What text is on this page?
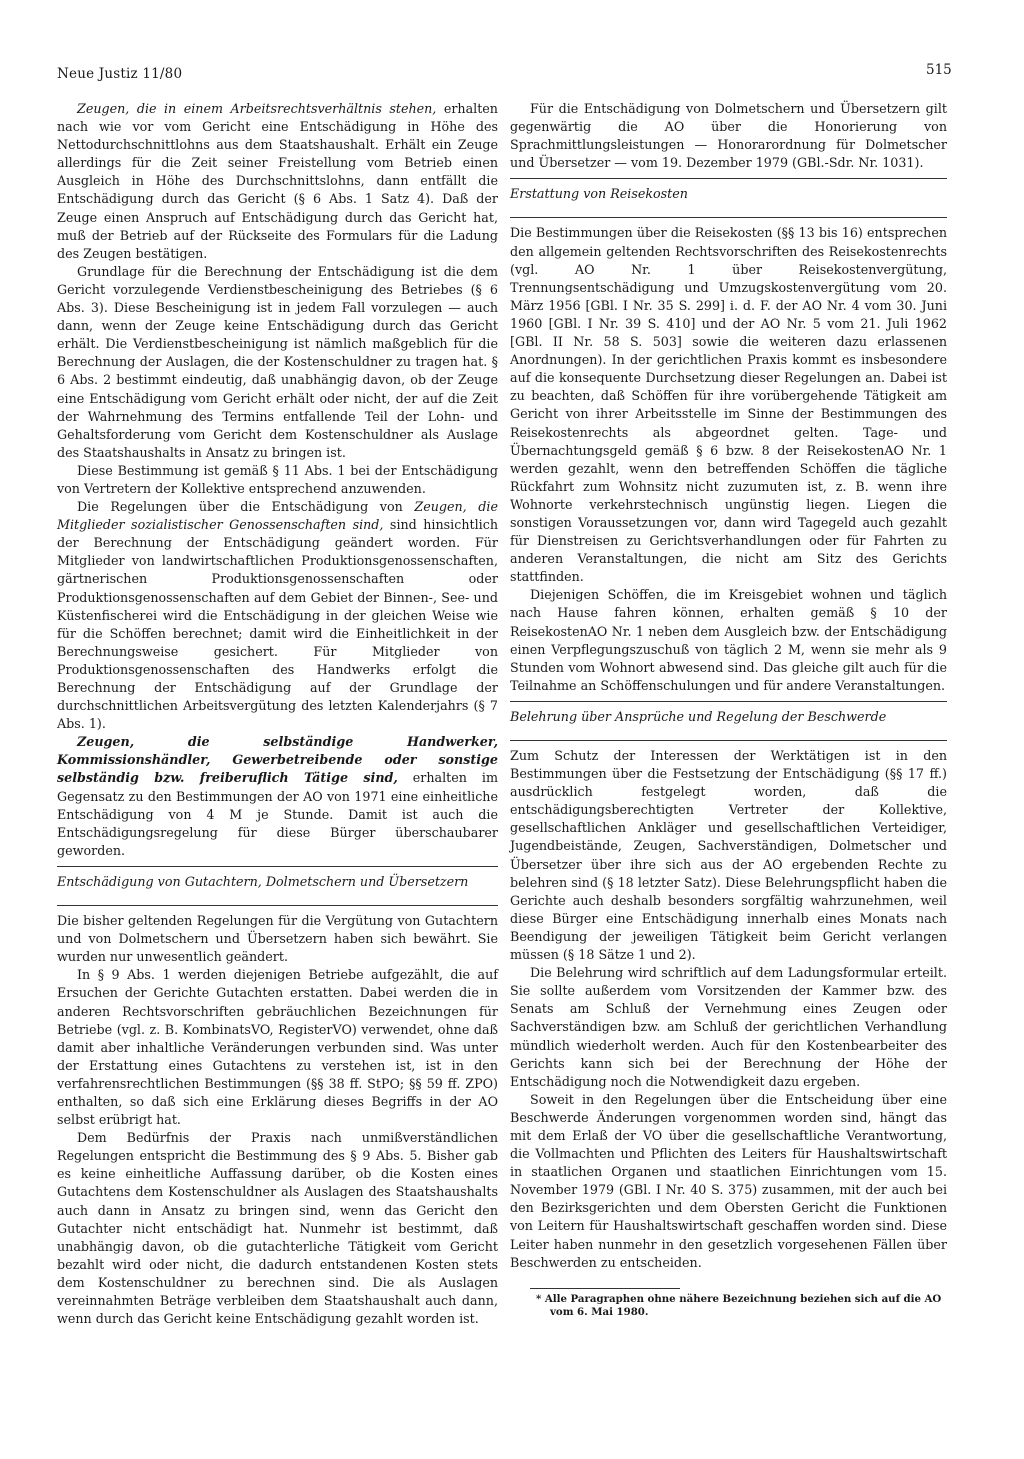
Neue Justiz 11/80	515

Zeugen, die in einem Arbeitsrechtsverhältnis stehen, erhalten nach wie vor vom Gericht eine Entschädigung in Höhe des Nettodurchschnittlohns aus dem Staatshaushalt. Erhält ein Zeuge allerdings für die Zeit seiner Freistellung vom Betrieb einen Ausgleich in Höhe des Durchschnittslohns, dann entfällt die Entschädigung durch das Gericht (§ 6 Abs. 1 Satz 4). Daß der Zeuge einen Anspruch auf Entschädigung durch das Gericht hat, muß der Betrieb auf der Rückseite des Formulars für die Ladung des Zeugen bestätigen.

Grundlage für die Berechnung der Entschädigung ist die dem Gericht vorzulegende Verdienstbescheinigung des Betriebes (§ 6 Abs. 3). Diese Bescheinigung ist in jedem Fall vorzulegen — auch dann, wenn der Zeuge keine Entschädigung durch das Gericht erhält. Die Verdienstbescheinigung ist nämlich maßgeblich für die Berechnung der Auslagen, die der Kostenschuldner zu tragen hat. § 6 Abs. 2 bestimmt eindeutig, daß unabhängig davon, ob der Zeuge eine Entschädigung vom Gericht erhält oder nicht, der auf die Zeit der Wahrnehmung des Termins entfallende Teil der Lohn- und Gehaltsforderung vom Gericht dem Kostenschuldner als Auslage des Staatshaushalts in Ansatz zu bringen ist.

Diese Bestimmung ist gemäß § 11 Abs. 1 bei der Entschädigung von Vertretern der Kollektive entsprechend anzuwenden.

Die Regelungen über die Entschädigung von Zeugen, die Mitglieder sozialistischer Genossenschaften sind, sind hinsichtlich der Berechnung der Entschädigung geändert worden. Für Mitglieder von landwirtschaftlichen Produktionsgenossenschaften, gärtnerischen Produktionsgenossenschaften oder Produktionsgenossenschaften auf dem Gebiet der Binnen-, See- und Küstenfischerei wird die Entschädigung in der gleichen Weise wie für die Schöffen berechnet; damit wird die Einheitlichkeit in der Berechnungsweise gesichert. Für Mitglieder von Produktionsgenossenschaften des Handwerks erfolgt die Berechnung der Entschädigung auf der Grundlage der durchschnittlichen Arbeitsvergütung des letzten Kalenderjahrs (§ 7 Abs. 1).

Zeugen, die selbständige Handwerker, Kommissionshändler, Gewerbetreibende oder sonstige selbständig bzw. freiberuflich Tätige sind, erhalten im Gegensatz zu den Bestimmungen der AO von 1971 eine einheitliche Entschädigung von 4 M je Stunde. Damit ist auch die Entschädigungsregelung für diese Bürger überschaubarer geworden.

Entschädigung von Gutachtern, Dolmetschern und Übersetzern

Die bisher geltenden Regelungen für die Vergütung von Gutachtern und von Dolmetschern und Übersetzern haben sich bewährt. Sie wurden nur unwesentlich geändert.

In § 9 Abs. 1 werden diejenigen Betriebe aufgezählt, die auf Ersuchen der Gerichte Gutachten erstatten. Dabei werden die in anderen Rechtsvorschriften gebräuchlichen Bezeichnungen für Betriebe (vgl. z. B. KombinatsVO, RegisterVO) verwendet, ohne daß damit aber inhaltliche Veränderungen verbunden sind. Was unter der Erstattung eines Gutachtens zu verstehen ist, ist in den verfahrensrechtlichen Bestimmungen (§§ 38 ff. StPO; §§ 59 ff. ZPO) enthalten, so daß sich eine Erklärung dieses Begriffs in der AO selbst erübrigt hat.

Dem Bedürfnis der Praxis nach unmißverständlichen Regelungen entspricht die Bestimmung des § 9 Abs. 5. Bisher gab es keine einheitliche Auffassung darüber, ob die Kosten eines Gutachtens dem Kostenschuldner als Auslagen des Staatshaushalts auch dann in Ansatz zu bringen sind, wenn das Gericht den Gutachter nicht entschädigt hat. Nunmehr ist bestimmt, daß unabhängig davon, ob die gutachterliche Tätigkeit vom Gericht bezahlt wird oder nicht, die dadurch entstandenen Kosten stets dem Kostenschuldner zu berechnen sind. Die als Auslagen vereinnahmten Beträge verbleiben dem Staatshaushalt auch dann, wenn durch das Gericht keine Entschädigung gezahlt worden ist.

Für die Entschädigung von Dolmetschern und Übersetzern gilt gegenwärtig die AO über die Honorierung von Sprachmittlungsleistungen — Honorarordnung für Dolmetscher und Übersetzer — vom 19. Dezember 1979 (GBl.-Sdr. Nr. 1031).

Erstattung von Reisekosten

Die Bestimmungen über die Reisekosten (§§ 13 bis 16) entsprechen den allgemein geltenden Rechtsvorschriften des Reisekostenrechts (vgl. AO Nr. 1 über Reisekostenvergütung, Trennungsentschädigung und Umzugskostenvergütung vom 20. März 1956 [GBl. I Nr. 35 S. 299] i. d. F. der AO Nr. 4 vom 30. Juni 1960 [GBl. I Nr. 39 S. 410] und der AO Nr. 5 vom 21. Juli 1962 [GBl. II Nr. 58 S. 503] sowie die weiteren dazu erlassenen Anordnungen). In der gerichtlichen Praxis kommt es insbesondere auf die konsequente Durchsetzung dieser Regelungen an. Dabei ist zu beachten, daß Schöffen für ihre vorübergehende Tätigkeit am Gericht von ihrer Arbeitsstelle im Sinne der Bestimmungen des Reisekostenrechts als abgeordnet gelten. Tage- und Übernachtungsgeld gemäß § 6 bzw. 8 der ReisekostenAO Nr. 1 werden gezahlt, wenn den betreffenden Schöffen die tägliche Rückfahrt zum Wohnsitz nicht zuzumuten ist, z. B. wenn ihre Wohnorte verkehrstechnisch ungünstig liegen. Liegen die sonstigen Voraussetzungen vor, dann wird Tagegeld auch gezahlt für Dienstreisen zu Gerichtsverhandlungen oder für Fahrten zu anderen Veranstaltungen, die nicht am Sitz des Gerichts stattfinden.

Diejenigen Schöffen, die im Kreisgebiet wohnen und täglich nach Hause fahren können, erhalten gemäß § 10 der ReisekostenAO Nr. 1 neben dem Ausgleich bzw. der Entschädigung einen Verpflegungszuschuß von täglich 2 M, wenn sie mehr als 9 Stunden vom Wohnort abwesend sind. Das gleiche gilt auch für die Teilnahme an Schöffenschulungen und für andere Veranstaltungen.

Belehrung über Ansprüche und Regelung der Beschwerde

Zum Schutz der Interessen der Werktätigen ist in den Bestimmungen über die Festsetzung der Entschädigung (§§ 17 ff.) ausdrücklich festgelegt worden, daß die entschädigungsberechtigten Vertreter der Kollektive, gesellschaftlichen Ankläger und gesellschaftlichen Verteidiger, Jugendbeistände, Zeugen, Sachverständigen, Dolmetscher und Übersetzer über ihre sich aus der AO ergebenden Rechte zu belehren sind (§ 18 letzter Satz). Diese Belehrungspflicht haben die Gerichte auch deshalb besonders sorgfältig wahrzunehmen, weil diese Bürger eine Entschädigung innerhalb eines Monats nach Beendigung der jeweiligen Tätigkeit beim Gericht verlangen müssen (§ 18 Sätze 1 und 2).

Die Belehrung wird schriftlich auf dem Ladungsformular erteilt. Sie sollte außerdem vom Vorsitzenden der Kammer bzw. des Senats am Schluß der Vernehmung eines Zeugen oder Sachverständigen bzw. am Schluß der gerichtlichen Verhandlung mündlich wiederholt werden. Auch für den Kostenbearbeiter des Gerichts kann sich bei der Berechnung der Höhe der Entschädigung noch die Notwendigkeit dazu ergeben.

Soweit in den Regelungen über die Entscheidung über eine Beschwerde Änderungen vorgenommen worden sind, hängt das mit dem Erlaß der VO über die gesellschaftliche Verantwortung, die Vollmachten und Pflichten des Leiters für Haushaltswirtschaft in staatlichen Organen und staatlichen Einrichtungen vom 15. November 1979 (GBl. I Nr. 40 S. 375) zusammen, mit der auch bei den Bezirksgerichten und dem Obersten Gericht die Funktionen von Leitern für Haushaltswirtschaft geschaffen worden sind. Diese Leiter haben nunmehr in den gesetzlich vorgesehenen Fällen über Beschwerden zu entscheiden.

* Alle Paragraphen ohne nähere Bezeichnung beziehen sich auf die AO vom 6. Mai 1980.
